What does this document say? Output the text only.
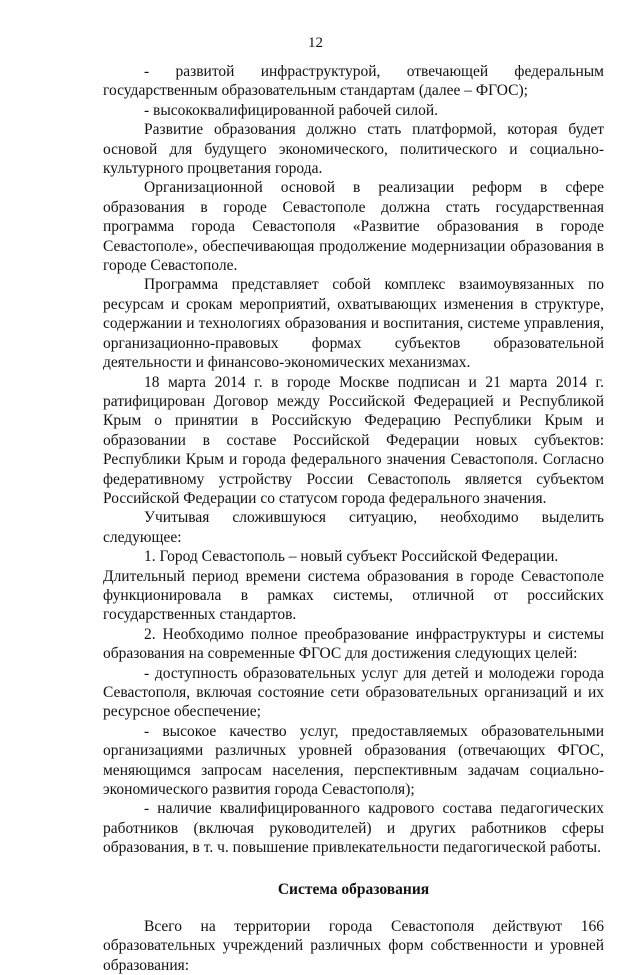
12

- развитой инфраструктурой, отвечающей федеральным государственным образовательным стандартам (далее – ФГОС);

- высококвалифицированной рабочей силой.

Развитие образования должно стать платформой, которая будет основой для будущего экономического, политического и социально-культурного процветания города.

Организационной основой в реализации реформ в сфере образования в городе Севастополе должна стать государственная программа города Севастополя «Развитие образования в городе Севастополе», обеспечивающая продолжение модернизации образования в городе Севастополе.

Программа представляет собой комплекс взаимоувязанных по ресурсам и срокам мероприятий, охватывающих изменения в структуре, содержании и технологиях образования и воспитания, системе управления, организационно-правовых формах субъектов образовательной деятельности и финансово-экономических механизмах.

18 марта 2014 г. в городе Москве подписан и 21 марта 2014 г. ратифицирован Договор между Российской Федерацией и Республикой Крым о принятии в Российскую Федерацию Республики Крым и образовании в составе Российской Федерации новых субъектов: Республики Крым и города федерального значения Севастополя. Согласно федеративному устройству России Севастополь является субъектом Российской Федерации со статусом города федерального значения.

Учитывая сложившуюся ситуацию, необходимо выделить следующее:

1. Город Севастополь – новый субъект Российской Федерации.

Длительный период времени система образования в городе Севастополе функционировала в рамках системы, отличной от российских государственных стандартов.

2. Необходимо полное преобразование инфраструктуры и системы образования на современные ФГОС для достижения следующих целей:

- доступность образовательных услуг для детей и молодежи города Севастополя, включая состояние сети образовательных организаций и их ресурсное обеспечение;

- высокое качество услуг, предоставляемых образовательными организациями различных уровней образования (отвечающих ФГОС, меняющимся запросам населения, перспективным задачам социально-экономического развития города Севастополя);

- наличие квалифицированного кадрового состава педагогических работников (включая руководителей) и других работников сферы образования, в т. ч. повышение привлекательности педагогической работы.

Система образования

Всего на территории города Севастополя действуют 166 образовательных учреждений различных форм собственности и уровней образования:
